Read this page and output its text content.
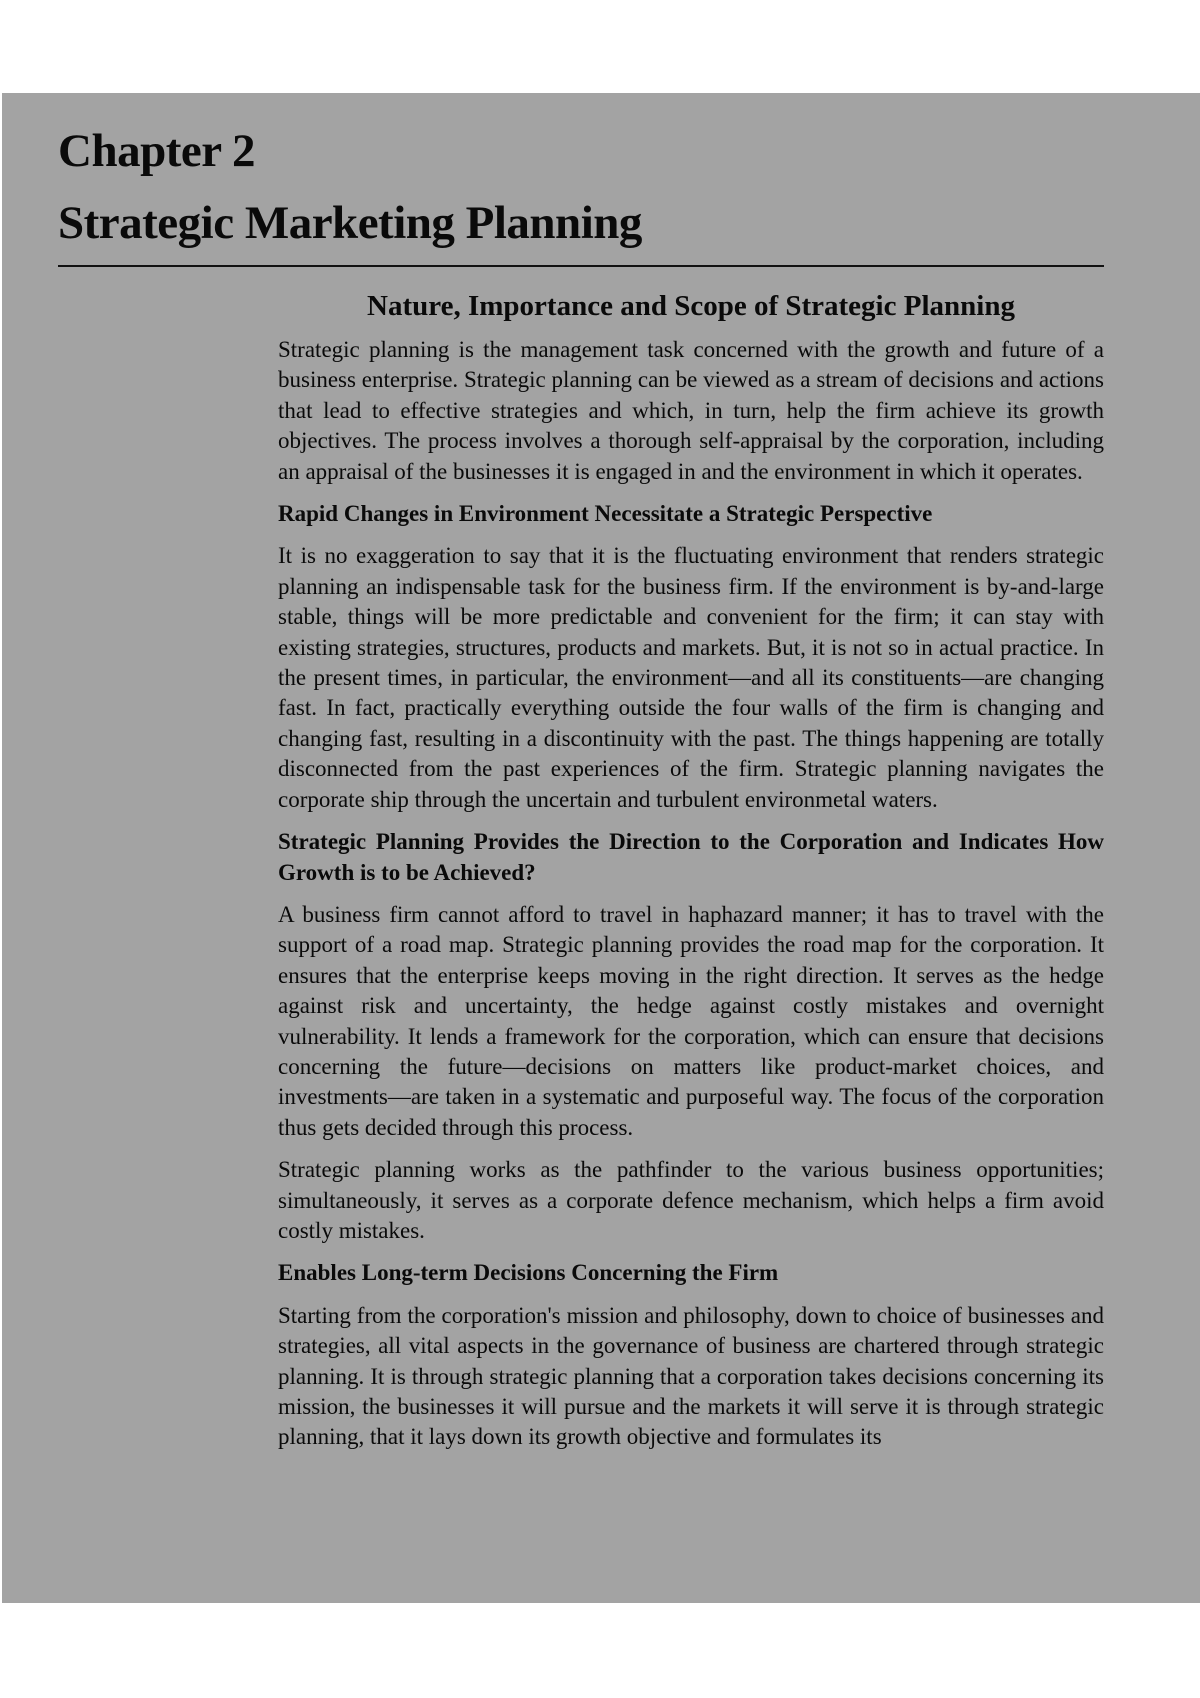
Chapter 2
Strategic Marketing Planning
Nature, Importance and Scope of Strategic Planning

Strategic planning is the management task concerned with the growth and future of a business enterprise. Strategic planning can be viewed as a stream of decisions and actions that lead to effective strategies and which, in turn, help the firm achieve its growth objectives. The process involves a thorough self-appraisal by the corporation, including an appraisal of the businesses it is engaged in and the environment in which it operates.

Rapid Changes in Environment Necessitate a Strategic Perspective

It is no exaggeration to say that it is the fluctuating environment that renders strategic planning an indispensable task for the business firm. If the environment is by-and-large stable, things will be more predictable and convenient for the firm; it can stay with existing strategies, structures, products and markets. But, it is not so in actual practice. In the present times, in particular, the environment—and all its constituents—are changing fast. In fact, practically everything outside the four walls of the firm is changing and changing fast, resulting in a discontinuity with the past. The things happening are totally disconnected from the past experiences of the firm. Strategic planning navigates the corporate ship through the uncertain and turbulent environmetal waters.

Strategic Planning Provides the Direction to the Corporation and Indicates How Growth is to be Achieved?

A business firm cannot afford to travel in haphazard manner; it has to travel with the support of a road map. Strategic planning provides the road map for the corporation. It ensures that the enterprise keeps moving in the right direction. It serves as the hedge against risk and uncertainty, the hedge against costly mistakes and overnight vulnerability. It lends a framework for the corporation, which can ensure that decisions concerning the future—decisions on matters like product-market choices, and investments—are taken in a systematic and purposeful way. The focus of the corporation thus gets decided through this process.

Strategic planning works as the pathfinder to the various business opportunities; simultaneously, it serves as a corporate defence mechanism, which helps a firm avoid costly mistakes.

Enables Long-term Decisions Concerning the Firm

Starting from the corporation's mission and philosophy, down to choice of businesses and strategies, all vital aspects in the governance of business are chartered through strategic planning. It is through strategic planning that a corporation takes decisions concerning its mission, the businesses it will pursue and the markets it will serve it is through strategic planning, that it lays down its growth objective and formulates its
